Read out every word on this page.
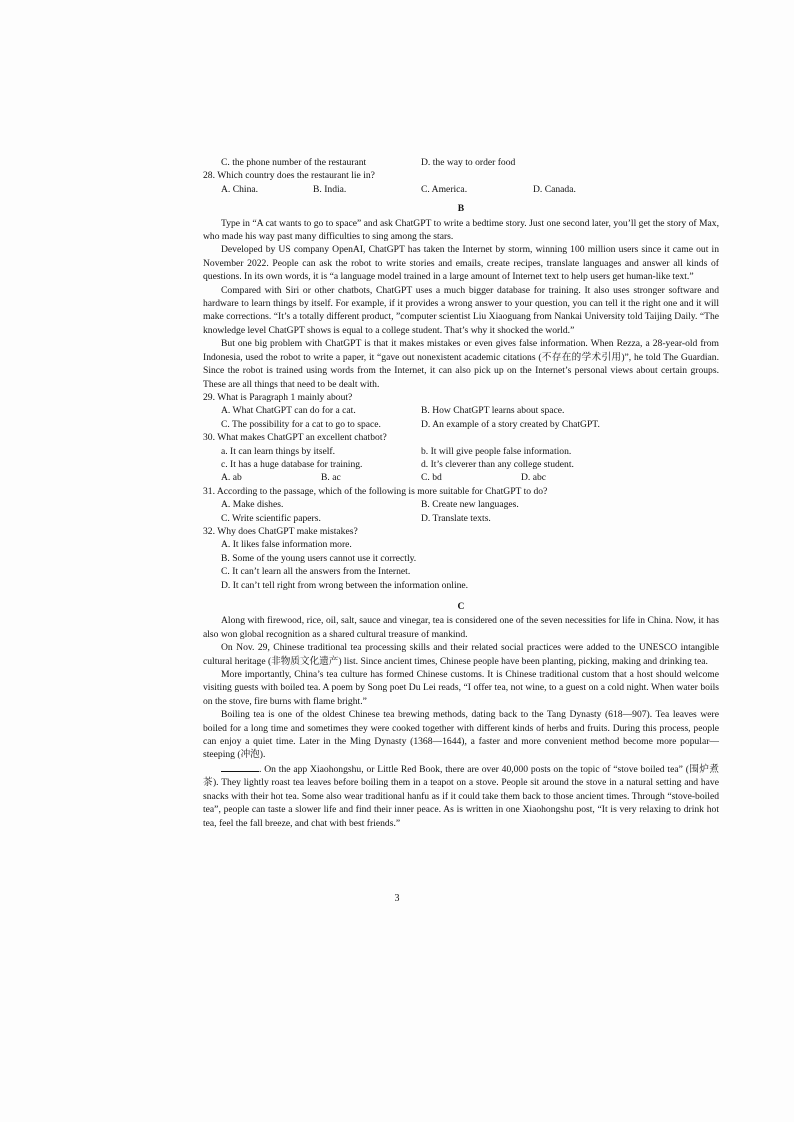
C. the phone number of the restaurant	D. the way to order food
28. Which country does the restaurant lie in?
A. China.	B. India.	C. America.	D. Canada.
B

Type in “A cat wants to go to space” and ask ChatGPT to write a bedtime story. Just one second later, you’ll get the story of Max, who made his way past many difficulties to sing among the stars.

Developed by US company OpenAI, ChatGPT has taken the Internet by storm, winning 100 million users since it came out in November 2022. People can ask the robot to write stories and emails, create recipes, translate languages and answer all kinds of questions. In its own words, it is “a language model trained in a large amount of Internet text to help users get human-like text.”

Compared with Siri or other chatbots, ChatGPT uses a much bigger database for training. It also uses stronger software and hardware to learn things by itself. For example, if it provides a wrong answer to your question, you can tell it the right one and it will make corrections. “It’s a totally different product, ”computer scientist Liu Xiaoguang from Nankai University told Taijing Daily. “The knowledge level ChatGPT shows is equal to a college student. That’s why it shocked the world.”

But one big problem with ChatGPT is that it makes mistakes or even gives false information. When Rezza, a 28-year-old from Indonesia, used the robot to write a paper, it “gave out nonexistent academic citations (不存在的学术引用)”, he told The Guardian. Since the robot is trained using words from the Internet, it can also pick up on the Internet’s personal views about certain groups. These are all things that need to be dealt with.

29. What is Paragraph 1 mainly about?
A. What ChatGPT can do for a cat.	B. How ChatGPT learns about space.
C. The possibility for a cat to go to space.	D. An example of a story created by ChatGPT.
30. What makes ChatGPT an excellent chatbot?
a. It can learn things by itself.	b. It will give people false information.
c. It has a huge database for training.	d. It’s cleverer than any college student.
A. ab	B. ac	C. bd	D. abc
31. According to the passage, which of the following is more suitable for ChatGPT to do?
A. Make dishes.	B. Create new languages.
C. Write scientific papers.	D. Translate texts.
32. Why does ChatGPT make mistakes?
A. It likes false information more.
B. Some of the young users cannot use it correctly.
C. It can’t learn all the answers from the Internet.
D. It can’t tell right from wrong between the information online.
C

Along with firewood, rice, oil, salt, sauce and vinegar, tea is considered one of the seven necessities for life in China. Now, it has also won global recognition as a shared cultural treasure of mankind.

On Nov. 29, Chinese traditional tea processing skills and their related social practices were added to the UNESCO intangible cultural heritage (非物质文化遗产) list. Since ancient times, Chinese people have been planting, picking, making and drinking tea.

More importantly, China’s tea culture has formed Chinese customs. It is Chinese traditional custom that a host should welcome visiting guests with boiled tea. A poem by Song poet Du Lei reads, “I offer tea, not wine, to a guest on a cold night. When water boils on the stove, fire burns with flame bright.”

Boiling tea is one of the oldest Chinese tea brewing methods, dating back to the Tang Dynasty (618—907). Tea leaves were boiled for a long time and sometimes they were cooked together with different kinds of herbs and fruits. During this process, people can enjoy a quiet time. Later in the Ming Dynasty (1368—1644), a faster and more convenient method become more popular—steeping (冲泡).

. On the app Xiaohongshu, or Little Red Book, there are over 40,000 posts on the topic of “stove boiled tea” (围炉煮茶). They lightly roast tea leaves before boiling them in a teapot on a stove. People sit around the stove in a natural setting and have snacks with their hot tea. Some also wear traditional hanfu as if it could take them back to those ancient times. Through “stove-boiled tea”, people can taste a slower life and find their inner peace. As is written in one Xiaohongshu post, “It is very relaxing to drink hot tea, feel the fall breeze, and chat with best friends.”

3
